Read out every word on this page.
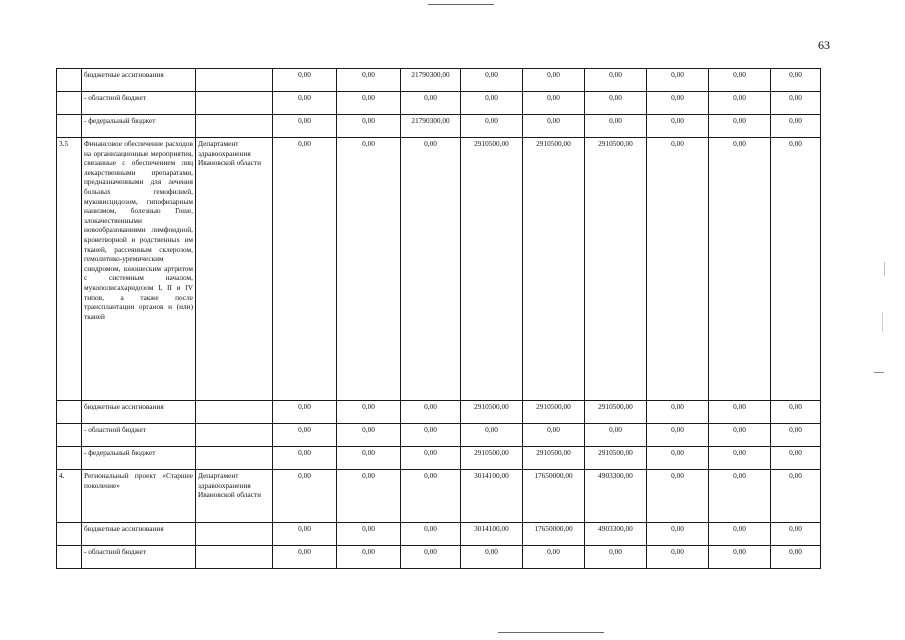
63
	бюджетные ассигнования		0,00	0,00	21790300,00	0,00	0,00	0,00	0,00	0,00	0,00
	- областной бюджет		0,00	0,00	0,00	0,00	0,00	0,00	0,00	0,00	0,00
	- федеральный бюджет		0,00	0,00	21790300,00	0,00	0,00	0,00	0,00	0,00	0,00
3.5	Финансовое обеспечение расходов на организационные мероприятия, связанные с обеспечением лиц лекарственными препаратами, предназначенными для лечения больных гемофилией, муковисцидозом, гипофизарным нанизмом, болезнью Гоше, злокачественными новообразованиями лимфоидной, кроветворной и родственных им тканей, рассеянным склерозом, гемолитико-уремическим синдромом, юношеским артритом с системным началом, мукополисахаридозом I, II и IV типов, а также после трансплантации органов и (или) тканей	Департамент здравоохранения Ивановской области	0,00	0,00	0,00	2910500,00	2910500,00	2910500,00	0,00	0,00	0,00
	бюджетные ассигнования		0,00	0,00	0,00	2910500,00	2910500,00	2910500,00	0,00	0,00	0,00
	- областной бюджет		0,00	0,00	0,00	0,00	0,00	0,00	0,00	0,00	0,00
	- федеральный бюджет		0,00	0,00	0,00	2910500,00	2910500,00	2910500,00	0,00	0,00	0,00
4.	Региональный проект «Старшее поколение»	Департамент здравоохранения Ивановской области	0,00	0,00	0,00	3014100,00	17650000,00	4903300,00	0,00	0,00	0,00
	бюджетные ассигнования		0,00	0,00	0,00	3014100,00	17650000,00	4903300,00	0,00	0,00	0,00
	- областной бюджет		0,00	0,00	0,00	0,00	0,00	0,00	0,00	0,00	0,00
